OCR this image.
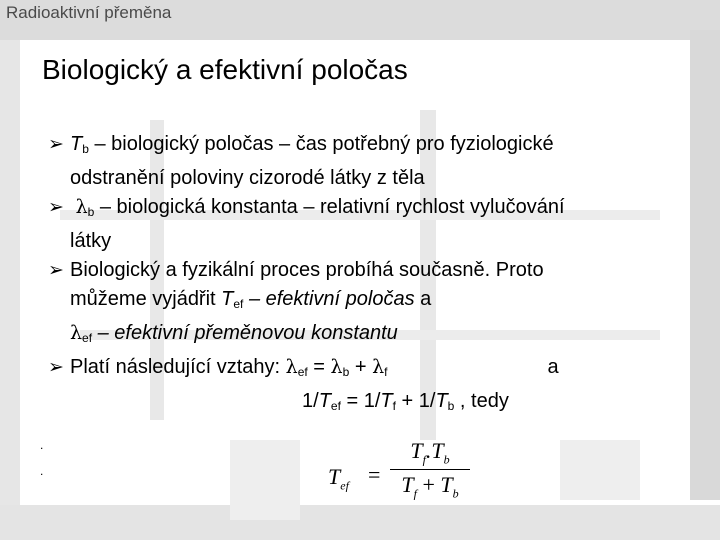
Radioaktivní přeměna
Biologický a efektivní poločas
➢ $T_b$ – biologický poločas – čas potřebný pro fyziologické
odstranění poloviny cizorodé látky z těla
➢ $\lambda_b$ – biologická konstanta – relativní rychlost vylučování
látky
➢ Biologický a fyzikální proces probíhá současně. Proto
můžeme vyjádřit $T_{ef}$ – efektivní poločas a
$\lambda_{ef}$ – efektivní přeměnovou konstantu
➢ Platí následující vztahy: $\lambda_{ef} = \lambda_b + \lambda_f$	a
$1/T_{ef} = 1/T_f + 1/T_b$ , tedy
.
.	$T_{ef}$ =
$T_f.T_b$
$T_f + T_b$
